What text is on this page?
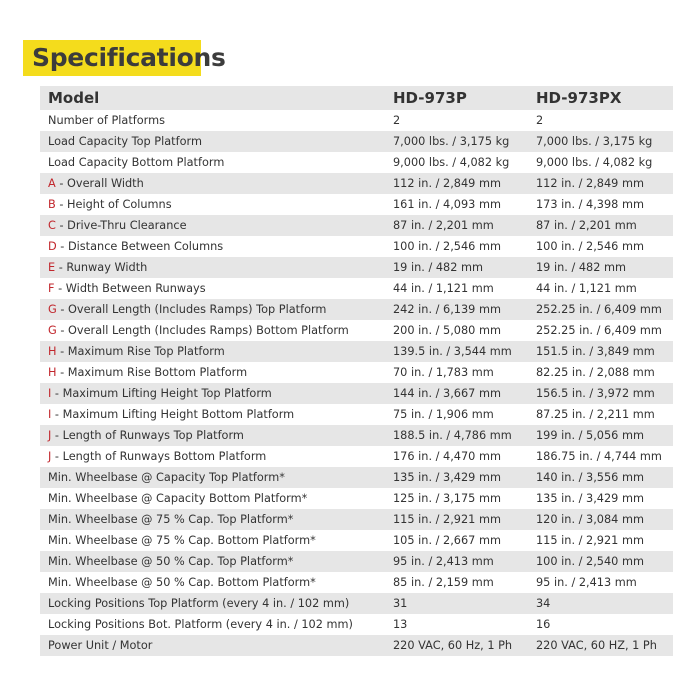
Specifications
Model	HD-973P	HD-973PX
Number of Platforms	2	2
Load Capacity Top Platform	7,000 lbs. / 3,175 kg	7,000 lbs. / 3,175 kg
Load Capacity Bottom Platform	9,000 lbs. / 4,082 kg	9,000 lbs. / 4,082 kg
A - Overall Width	112 in. / 2,849 mm	112 in. / 2,849 mm
B - Height of Columns	161 in. / 4,093 mm	173 in. / 4,398 mm
C - Drive-Thru Clearance	87 in. / 2,201 mm	87 in. / 2,201 mm
D - Distance Between Columns	100 in. / 2,546 mm	100 in. / 2,546 mm
E - Runway Width	19 in. / 482 mm	19 in. / 482 mm
F - Width Between Runways	44 in. / 1,121 mm	44 in. / 1,121 mm
G - Overall Length (Includes Ramps) Top Platform	242 in. / 6,139 mm	252.25 in. / 6,409 mm
G - Overall Length (Includes Ramps) Bottom Platform	200 in. / 5,080 mm	252.25 in. / 6,409 mm
H - Maximum Rise Top Platform	139.5 in. / 3,544 mm	151.5 in. / 3,849 mm
H - Maximum Rise Bottom Platform	70 in. / 1,783 mm	82.25 in. / 2,088 mm
I - Maximum Lifting Height Top Platform	144 in. / 3,667 mm	156.5 in. / 3,972 mm
I - Maximum Lifting Height Bottom Platform	75 in. / 1,906 mm	87.25 in. / 2,211 mm
J - Length of Runways Top Platform	188.5 in. / 4,786 mm	199 in. / 5,056 mm
J - Length of Runways Bottom Platform	176 in. / 4,470 mm	186.75 in. / 4,744 mm
Min. Wheelbase @ Capacity Top Platform*	135 in. / 3,429 mm	140 in. / 3,556 mm
Min. Wheelbase @ Capacity Bottom Platform*	125 in. / 3,175 mm	135 in. / 3,429 mm
Min. Wheelbase @ 75 % Cap. Top Platform*	115 in. / 2,921 mm	120 in. / 3,084 mm
Min. Wheelbase @ 75 % Cap. Bottom Platform*	105 in. / 2,667 mm	115 in. / 2,921 mm
Min. Wheelbase @ 50 % Cap. Top Platform*	95 in. / 2,413 mm	100 in. / 2,540 mm
Min. Wheelbase @ 50 % Cap. Bottom Platform*	85 in. / 2,159 mm	95 in. / 2,413 mm
Locking Positions Top Platform (every 4 in. / 102 mm)	31	34
Locking Positions Bot. Platform (every 4 in. / 102 mm)	13	16
Power Unit / Motor	220 VAC, 60 Hz, 1 Ph	220 VAC, 60 HZ, 1 Ph
